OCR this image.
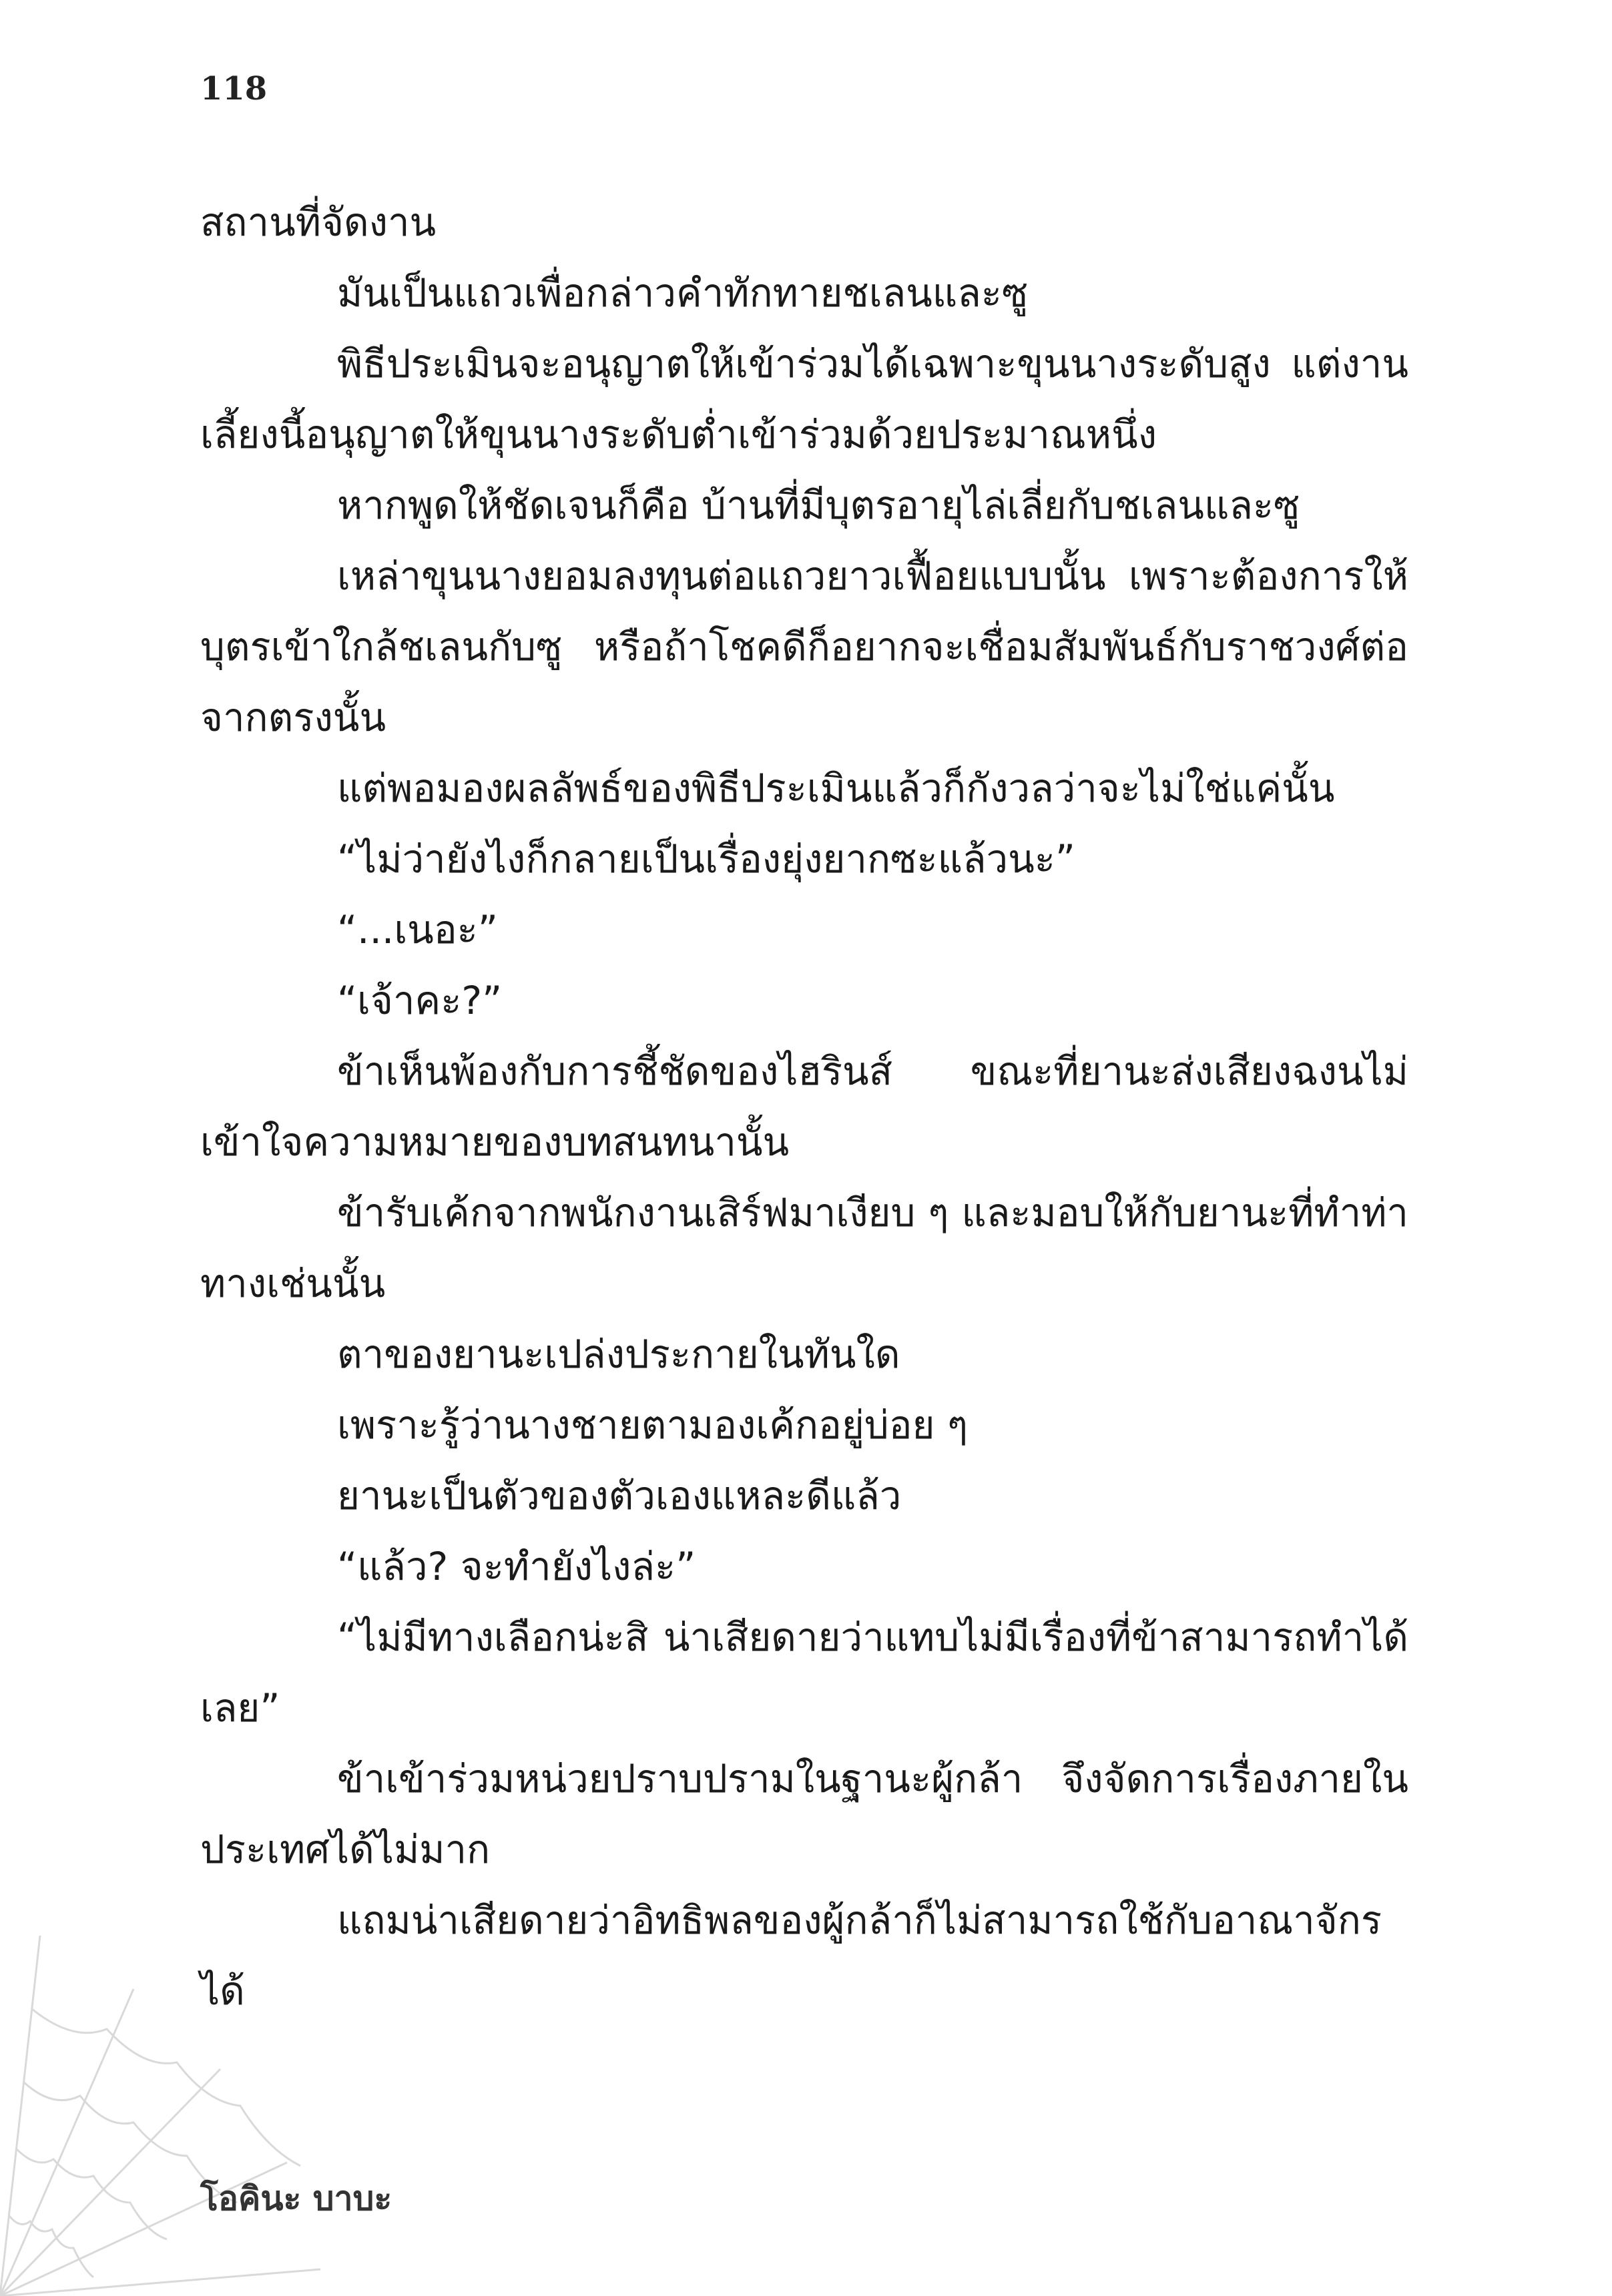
118

สถานที่จัดงาน

มันเป็นแถวเพื่อกล่าวคำทักทายชเลนและซู

พิธีประเมินจะอนุญาตให้เข้าร่วมได้เฉพาะขุนนางระดับสูง แต่งานเลี้ยงนี้อนุญาตให้ขุนนางระดับต่ำเข้าร่วมด้วยประมาณหนึ่ง

หากพูดให้ชัดเจนก็คือ บ้านที่มีบุตรอายุไล่เลี่ยกับชเลนและซู

เหล่าขุนนางยอมลงทุนต่อแถวยาวเฟื้อยแบบนั้น เพราะต้องการให้บุตรเข้าใกล้ชเลนกับซู หรือถ้าโชคดีก็อยากจะเชื่อมสัมพันธ์กับราชวงศ์ต่อจากตรงนั้น

แต่พอมองผลลัพธ์ของพิธีประเมินแล้วก็กังวลว่าจะไม่ใช่แค่นั้น

“ไม่ว่ายังไงก็กลายเป็นเรื่องยุ่งยากซะแล้วนะ”

“...เนอะ”

“เจ้าคะ?”

ข้าเห็นพ้องกับการชี้ชัดของไฮรินส์ ขณะที่ยานะส่งเสียงฉงนไม่เข้าใจความหมายของบทสนทนานั้น

ข้ารับเค้กจากพนักงานเสิร์ฟมาเงียบ ๆ และมอบให้กับยานะที่ทำท่าทางเช่นนั้น

ตาของยานะเปล่งประกายในทันใด

เพราะรู้ว่านางชายตามองเค้กอยู่บ่อย ๆ

ยานะเป็นตัวของตัวเองแหละดีแล้ว

“แล้ว? จะทำยังไงล่ะ”

“ไม่มีทางเลือกน่ะสิ น่าเสียดายว่าแทบไม่มีเรื่องที่ข้าสามารถทำได้เลย”

ข้าเข้าร่วมหน่วยปราบปรามในฐานะผู้กล้า จึงจัดการเรื่องภายในประเทศได้ไม่มาก

แถมน่าเสียดายว่าอิทธิพลของผู้กล้าก็ไม่สามารถใช้กับอาณาจักรได้

โอคินะ บาบะ
